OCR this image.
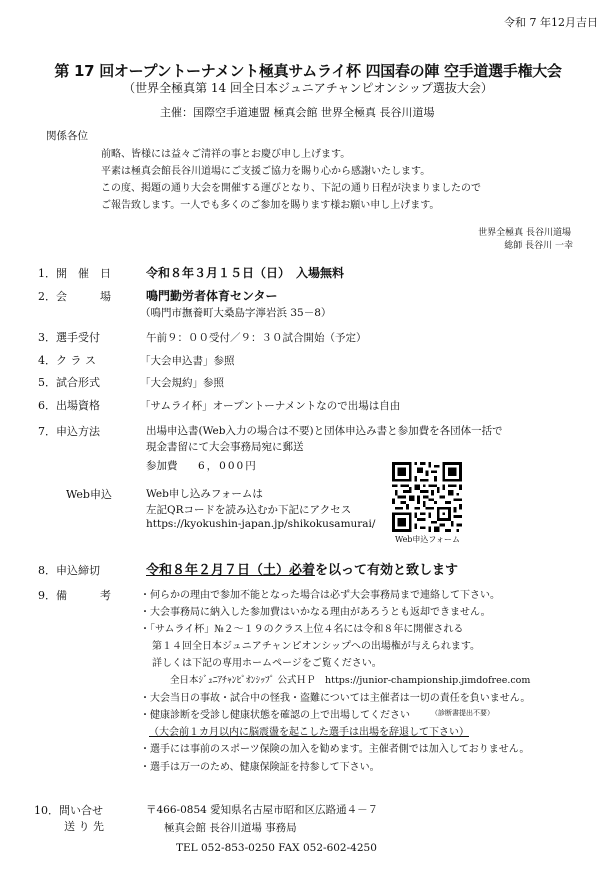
令和 7 年12月吉日
第 17 回オープントーナメント極真サムライ杯 四国春の陣 空手道選手権大会
（世界全極真第 14 回全日本ジュニアチャンピオンシップ選抜大会）
主催：国際空手道連盟 極真会館 世界全極真 長谷川道場
関係各位

前略、皆様には益々ご清祥の事とお慶び申し上げます。

平素は極真会館長谷川道場にご支援ご協力を賜り心から感謝いたします。

この度、掲題の通り大会を開催する運びとなり、下記の通り日程が決まりましたので

ご報告致します。一人でも多くのご参加を賜ります様お願い申し上げます。

世界全極真 長谷川道場
総師 長谷川 一幸
1．開　催　日	令和８年３月１５日（日）　入場無料
2．会　　　場	鳴門勤労者体育センター
（鳴門市撫養町大桑島字濘岩浜 35－8）
3．選手受付	午前９：００受付／９：３０試合開始（予定）
4．ク ラ ス	「大会申込書」参照
5．試合形式	「大会規約」参照
6．出場資格	「サムライ杯」オープントーナメントなので出場は自由
7．申込方法	出場申込書(Web入力の場合は不要)と団体申込み書と参加費を各団体一括で
現金書留にて大会事務局宛に郵送
参加費 6，000円
Web申込	Web申し込みフォームは
左記QRコードを読み込むか下記にアクセス
https://kyokushin-japan.jp/shikokusamurai/
Web申込フォーム
8．申込締切	令和８年２月７日（土）必着を以って有効と致します
9．備　　　考	・何らかの理由で参加不能となった場合は必ず大会事務局まで連絡して下さい。
・大会事務局に納入した参加費はいかなる理由があろうとも返却できません。
・「サムライ杯」№２～１９のクラス上位４名には令和８年に開催される
第１４回全日本ジュニアチャンピオンシップへの出場権が与えられます。
詳しくは下記の専用ホームページをご覧ください。
全日本ｼﾞｭﾆｱﾁｬﾝﾋﾟｵﾝｼｯﾌﾟ 公式ＨＰ　https://junior-championship.jimdofree.com
・大会当日の事故・試合中の怪我・盗難については主催者は一切の責任を負いません。
・健康診断を受診し健康状態を確認の上で出場してください	（診断書提出不要）
（大会前１カ月以内に脳震盪を起こした選手は出場を辞退して下さい）
・選手には事前のスポーツ保険の加入を勧めます。主催者側では加入しておりません。
・選手は万一のため、健康保険証を持参して下さい。
10．問い合せ
送 り 先
〒466-0854 愛知県名古屋市昭和区広路通４－７
極真会館 長谷川道場 事務局
TEL 052-853-0250 FAX 052-602-4250
